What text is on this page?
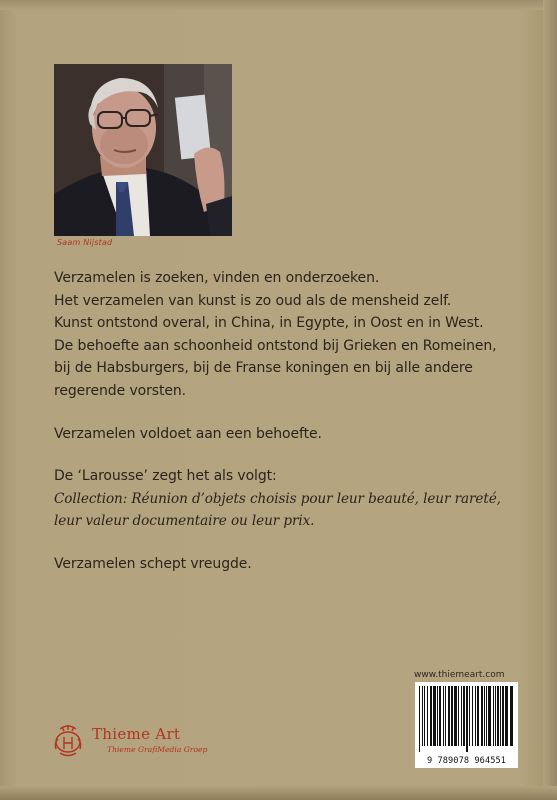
Saam Nijstad
Verzamelen is zoeken, vinden en onderzoeken.
Het verzamelen van kunst is zo oud als de mensheid zelf.
Kunst ontstond overal, in China, in Egypte, in Oost en in West.
De behoefte aan schoonheid ontstond bij Grieken en Romeinen,
bij de Habsburgers, bij de Franse koningen en bij alle andere
regerende vorsten.
Verzamelen voldoet aan een behoefte.
De ‘Larousse’ zegt het als volgt:
Collection: Réunion d’objets choisis pour leur beauté, leur rareté,
leur valeur documentaire ou leur prix.
Verzamelen schept vreugde.
www.thiemeart.com
9 789078 964551
Thieme Art
Thieme GrafiMedia Groep
